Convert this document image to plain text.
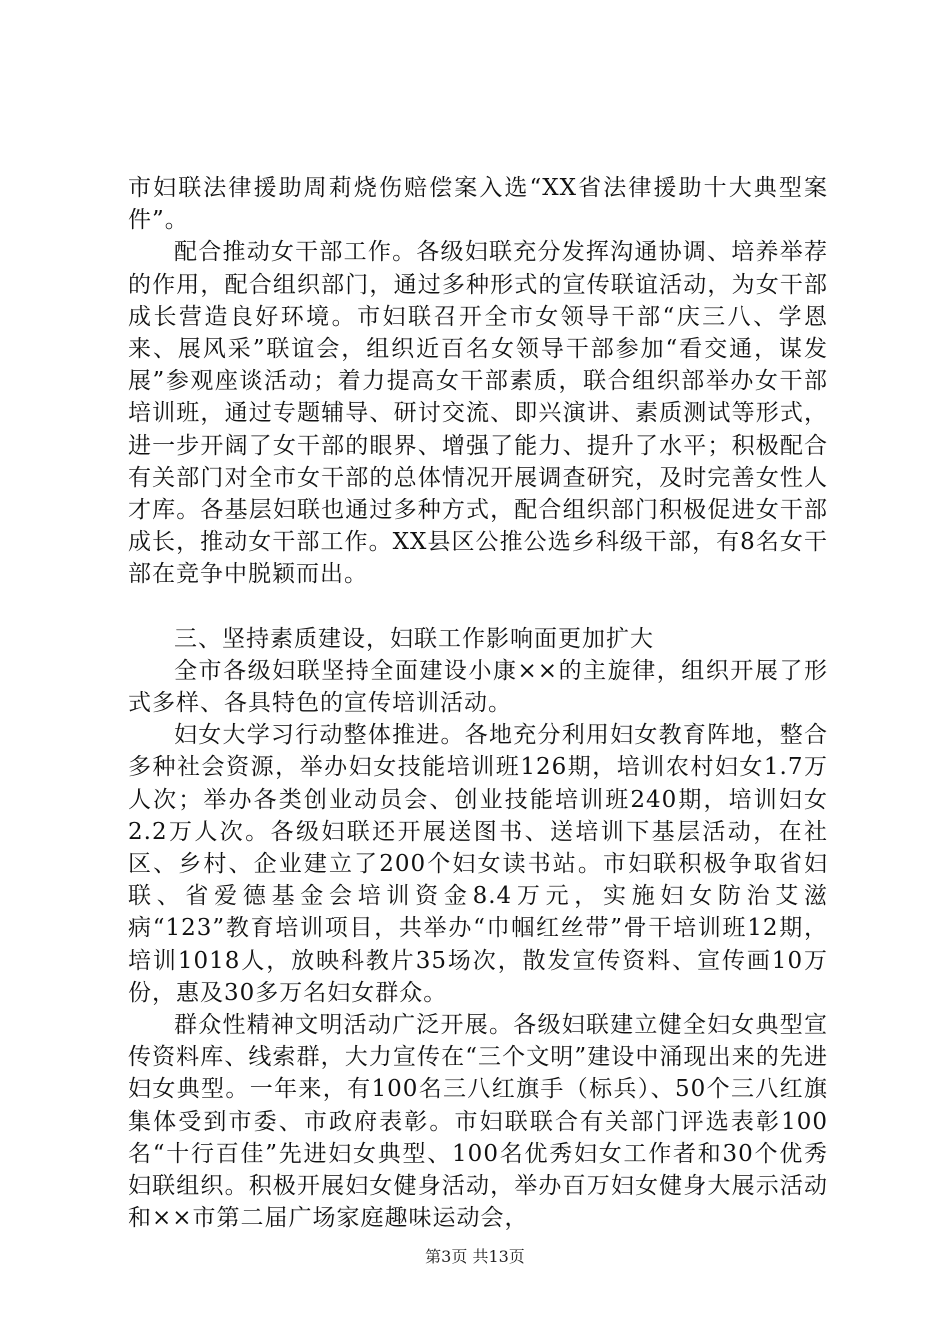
市妇联法律援助周莉烧伤赔偿案入选“XX省法律援助十大典型案件”。

配合推动女干部工作。各级妇联充分发挥沟通协调、培养举荐的作用，配合组织部门，通过多种形式的宣传联谊活动，为女干部成长营造良好环境。市妇联召开全市女领导干部“庆三八、学恩来、展风采”联谊会，组织近百名女领导干部参加“看交通，谋发展”参观座谈活动；着力提高女干部素质，联合组织部举办女干部培训班，通过专题辅导、研讨交流、即兴演讲、素质测试等形式，进一步开阔了女干部的眼界、增强了能力、提升了水平；积极配合有关部门对全市女干部的总体情况开展调查研究，及时完善女性人才库。各基层妇联也通过多种方式，配合组织部门积极促进女干部成长，推动女干部工作。XX县区公推公选乡科级干部，有8名女干部在竞争中脱颖而出。

三、坚持素质建设，妇联工作影响面更加扩大

全市各级妇联坚持全面建设小康××的主旋律，组织开展了形式多样、各具特色的宣传培训活动。

妇女大学习行动整体推进。各地充分利用妇女教育阵地，整合多种社会资源，举办妇女技能培训班126期，培训农村妇女1.7万人次；举办各类创业动员会、创业技能培训班240期，培训妇女2.2万人次。各级妇联还开展送图书、送培训下基层活动，在社区、乡村、企业建立了200个妇女读书站。市妇联积极争取省妇联、省爱德基金会培训资金8.4万元，实施妇女防治艾滋病“123”教育培训项目，共举办“巾帼红丝带”骨干培训班12期，培训1018人，放映科教片35场次，散发宣传资料、宣传画10万份，惠及30多万名妇女群众。

群众性精神文明活动广泛开展。各级妇联建立健全妇女典型宣传资料库、线索群，大力宣传在“三个文明”建设中涌现出来的先进妇女典型。一年来，有100名三八红旗手（标兵）、50个三八红旗集体受到市委、市政府表彰。市妇联联合有关部门评选表彰100名“十行百佳”先进妇女典型、100名优秀妇女工作者和30个优秀妇联组织。积极开展妇女健身活动，举办百万妇女健身大展示活动和××市第二届广场家庭趣味运动会，

第3页 共13页
